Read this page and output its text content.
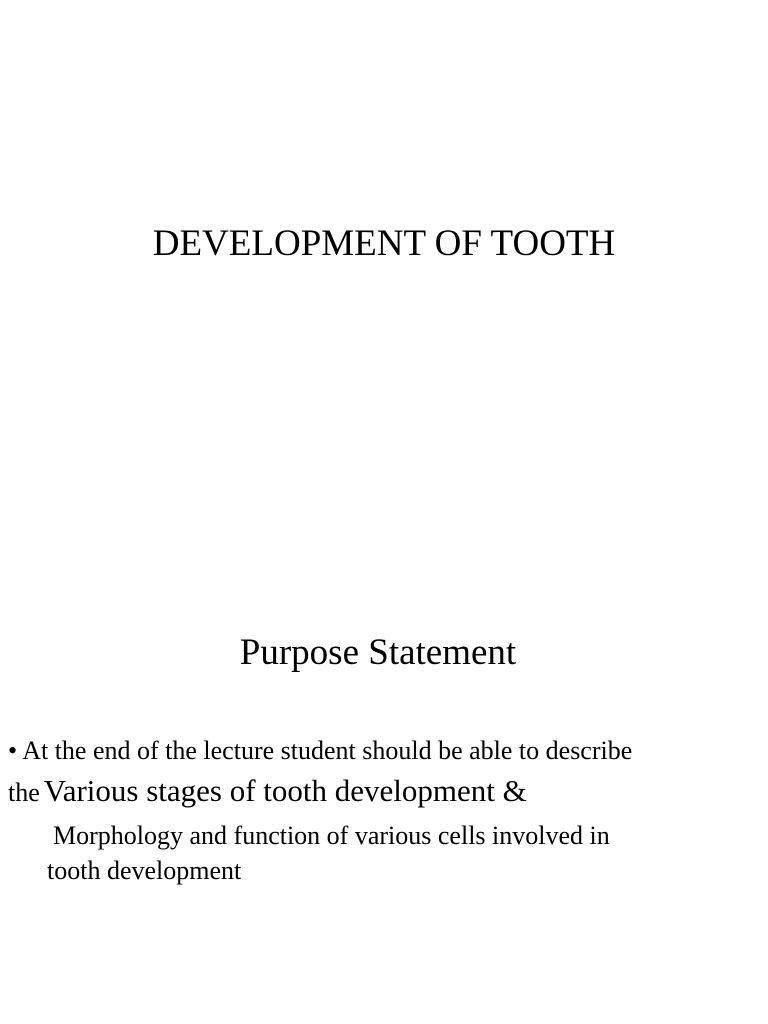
DEVELOPMENT OF TOOTH
Purpose Statement
• At the end of the lecture student should be able to describe
the Various stages of tooth development &
Morphology and function of various cells involved in
tooth development
